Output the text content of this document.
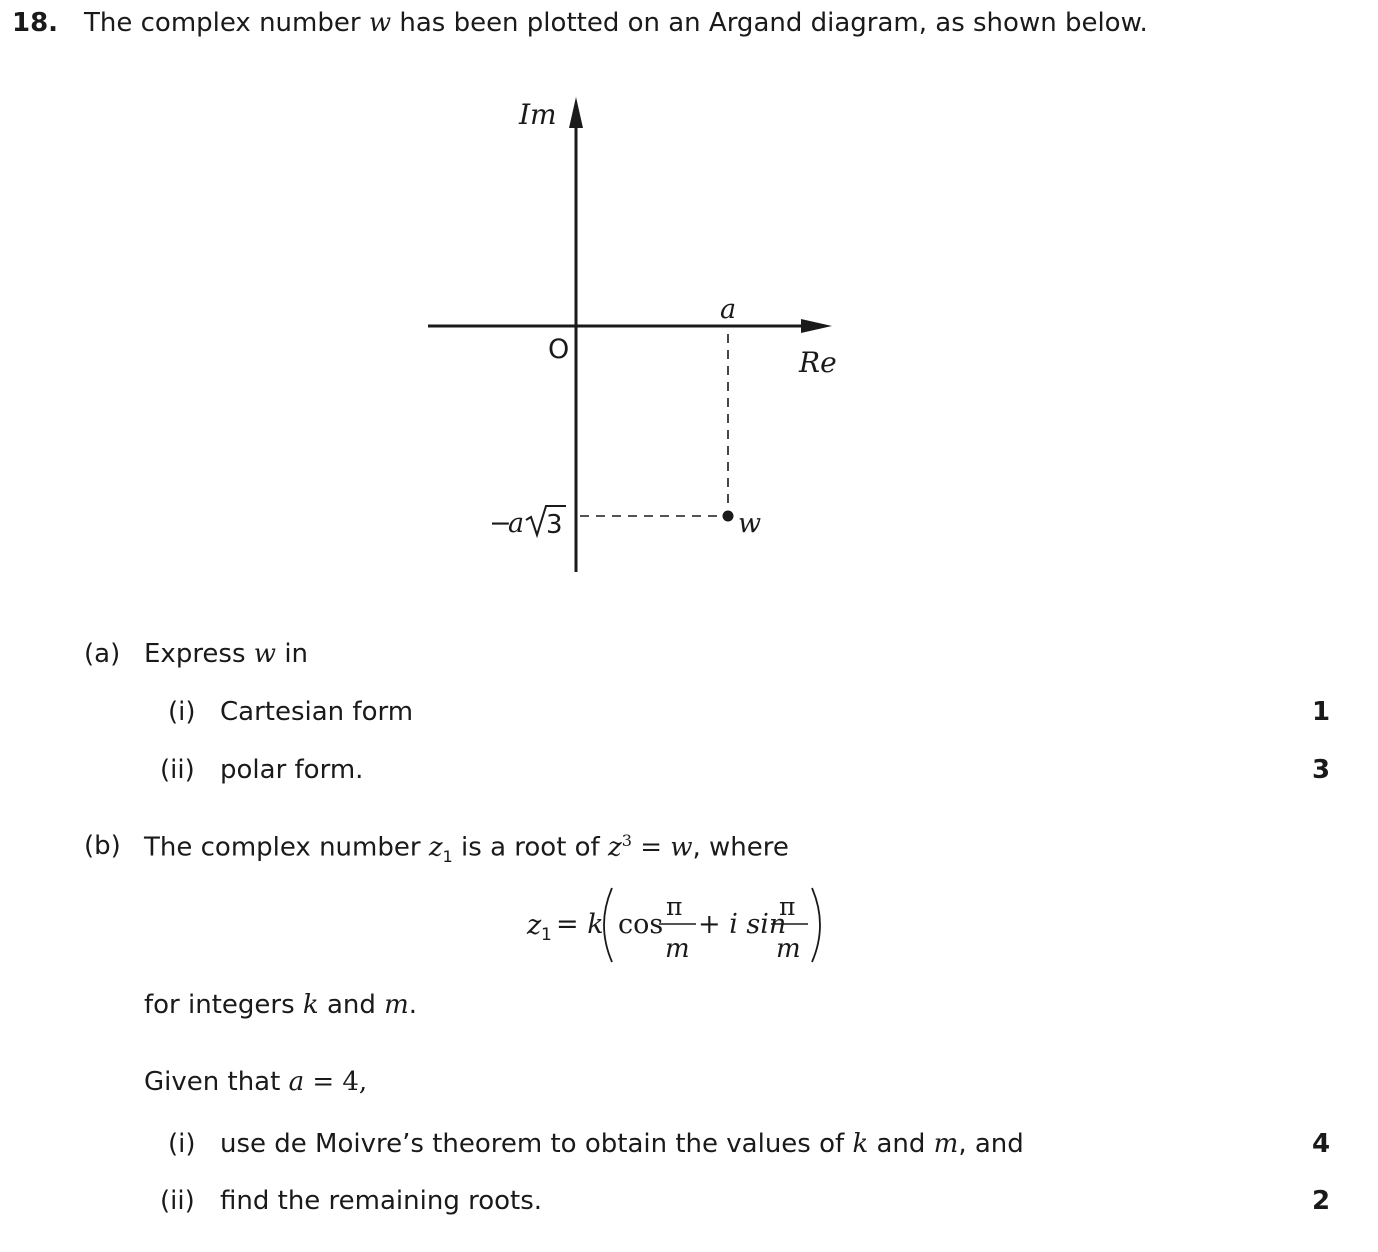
18. The complex number w has been plotted on an Argand diagram, as shown below.
Im
Re
O
a
w
−
a 3
(a) Express w in
(i) Cartesian form	1
(ii) polar form.	3
(b) The complex number $z_1$ is a root of $z^3 = w$, where
z 1 = k cos
π
m
+ i sin
π
m
for integers k and m.
Given that a = 4,
(i) use de Moivre’s theorem to obtain the values of k and m, and	4
(ii) find the remaining roots.	2
